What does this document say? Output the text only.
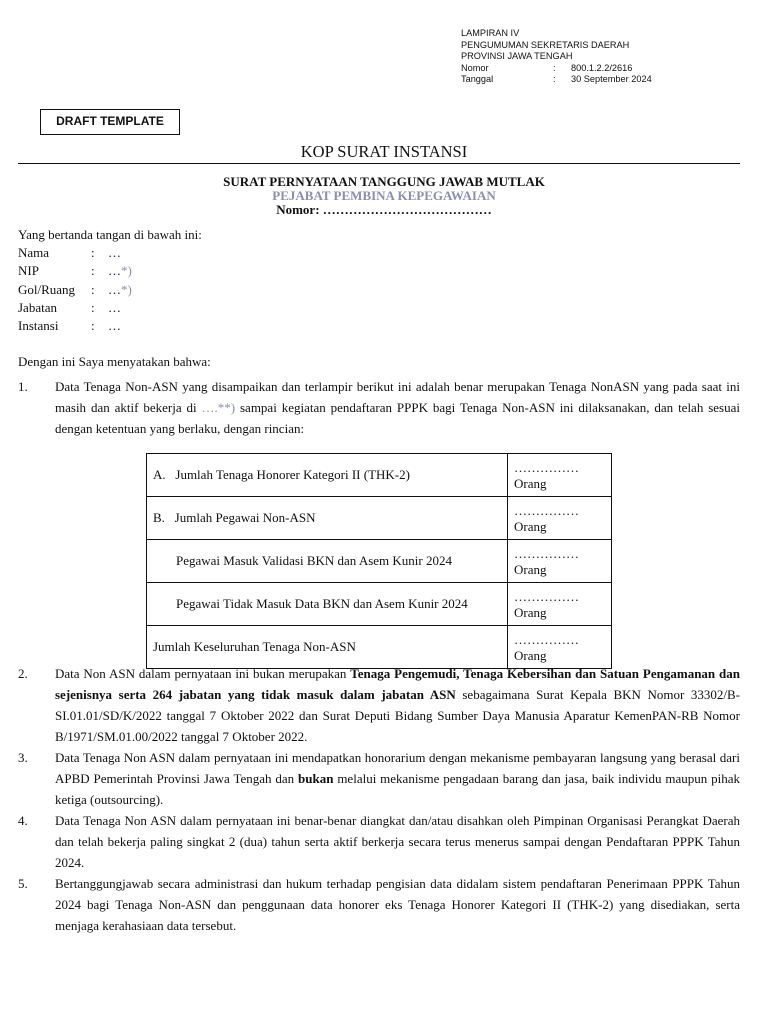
LAMPIRAN IV
PENGUMUMAN SEKRETARIS DAERAH
PROVINSI JAWA TENGAH
Nomor	:	800.1.2.2/2616
Tanggal	:	30 September 2024
DRAFT TEMPLATE
KOP SURAT INSTANSI
SURAT PERNYATAAN TANGGUNG JAWAB MUTLAK
PEJABAT PEMBINA KEPEGAWAIAN
Nomor: …………………………………
Yang bertanda tangan di bawah ini:
Nama	:	…
NIP	:	… *)
Gol/Ruang	:	… *)
Jabatan	:	…
Instansi	:	…
Dengan ini Saya menyatakan bahwa:
1.	Data Tenaga Non-ASN yang disampaikan dan terlampir berikut ini adalah benar merupakan Tenaga NonASN yang pada saat ini masih dan aktif bekerja di ….**) sampai kegiatan pendaftaran PPPK bagi Tenaga Non-ASN ini dilaksanakan, dan telah sesuai dengan ketentuan yang berlaku, dengan rincian:
A.   Jumlah Tenaga Honorer Kategori II (THK-2)	…………… Orang
B.   Jumlah Pegawai Non-ASN	…………… Orang
Pegawai Masuk Validasi BKN dan Asem Kunir 2024	…………… Orang
Pegawai Tidak Masuk Data BKN dan Asem Kunir 2024	…………… Orang
Jumlah Keseluruhan Tenaga Non-ASN	…………… Orang
2.	Data Non ASN dalam pernyataan ini bukan merupakan Tenaga Pengemudi, Tenaga Kebersihan dan Satuan Pengamanan dan sejenisnya serta 264 jabatan yang tidak masuk dalam jabatan ASN sebagaimana Surat Kepala BKN Nomor 33302/B-SI.01.01/SD/K/2022 tanggal 7 Oktober 2022 dan Surat Deputi Bidang Sumber Daya Manusia Aparatur KemenPAN-RB Nomor B/1971/SM.01.00/2022 tanggal 7 Oktober 2022.
3.	Data Tenaga Non ASN dalam pernyataan ini mendapatkan honorarium dengan mekanisme pembayaran langsung yang berasal dari APBD Pemerintah Provinsi Jawa Tengah dan bukan melalui mekanisme pengadaan barang dan jasa, baik individu maupun pihak ketiga (outsourcing).
4.	Data Tenaga Non ASN dalam pernyataan ini benar-benar diangkat dan/atau disahkan oleh Pimpinan Organisasi Perangkat Daerah dan telah bekerja paling singkat 2 (dua) tahun serta aktif berkerja secara terus menerus sampai dengan Pendaftaran PPPK Tahun 2024.
5.	Bertanggungjawab secara administrasi dan hukum terhadap pengisian data didalam sistem pendaftaran Penerimaan PPPK Tahun 2024 bagi Tenaga Non-ASN dan penggunaan data honorer eks Tenaga Honorer Kategori II (THK-2) yang disediakan, serta menjaga kerahasiaan data tersebut.
